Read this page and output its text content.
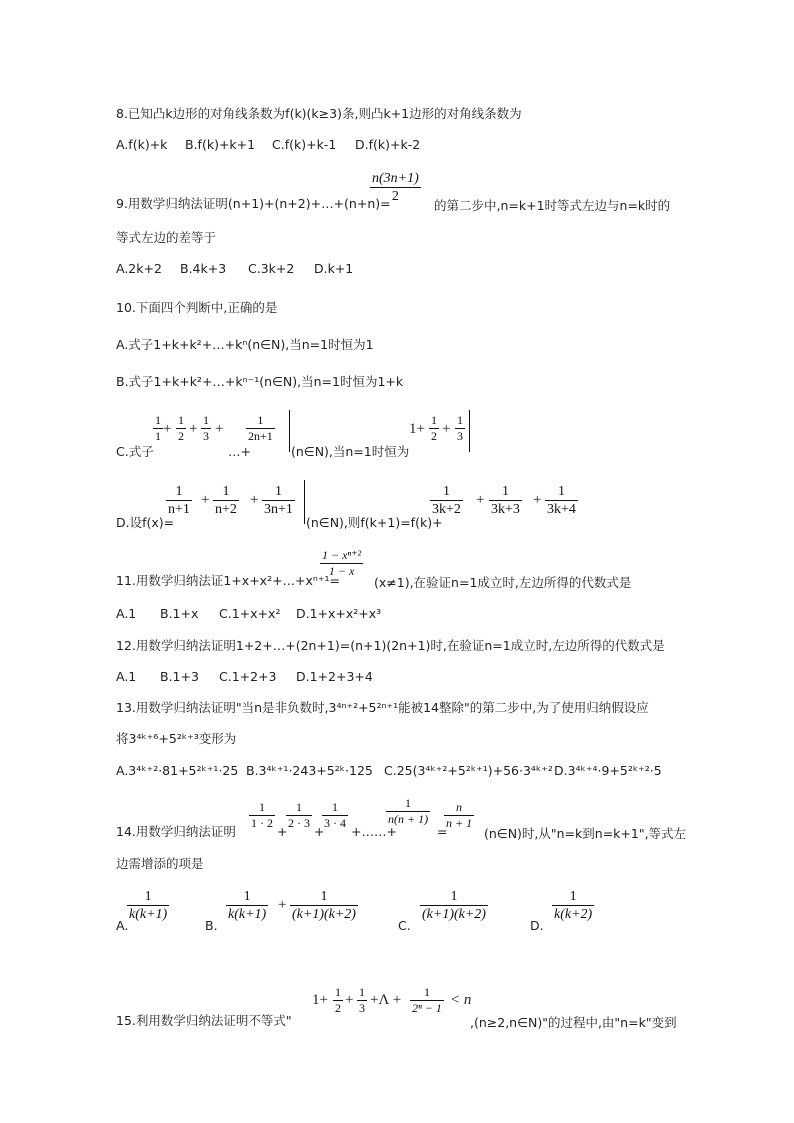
8.已知凸k边形的对角线条数为f(k)(k≥3)条,则凸k+1边形的对角线条数为
A.f(k)+k B.f(k)+k+1 C.f(k)+k-1 D.f(k)+k-2
9.用数学归纳法证明(n+1)+(n+2)+…+(n+n)=
n(3n+1)
2
的第二步中,n=k+1时等式左边与n=k时的
等式左边的差等于
A.2k+2 B.4k+3 C.3k+2 D.k+1
10.下面四个判断中,正确的是
A.式子1+k+k²+…+kⁿ(n∈N),当n=1时恒为1
B.式子1+k+k²+…+kⁿ⁻¹(n∈N),当n=1时恒为1+k
C.式子
1
1 +
1
2 +
1
3 +
…+
1
2n+1
(n∈N),当n=1时恒为
1+
1
2 +
1
3
D.设f(x)=
1
n+1
+
1
n+2
+
1
3n+1
(n∈N),则f(k+1)=f(k)+
1
3k+2
+
1
3k+3
+
1
3k+4
11.用数学归纳法证1+x+x²+…+xⁿ⁺¹=
1 − xⁿ⁺²
1 − x
(x≠1),在验证n=1成立时,左边所得的代数式是
A.1 B.1+x C.1+x+x² D.1+x+x²+x³
12.用数学归纳法证明1+2+…+(2n+1)=(n+1)(2n+1)时,在验证n=1成立时,左边所得的代数式是
A.1 B.1+3 C.1+2+3 D.1+2+3+4
13.用数学归纳法证明"当n是非负数时,3⁴ⁿ⁺²+5²ⁿ⁺¹能被14整除"的第二步中,为了使用归纳假设应
将3⁴ᵏ⁺⁶+5²ᵏ⁺³变形为
A.3⁴ᵏ⁺²·81+5²ᵏ⁺¹·25 B.3⁴ᵏ⁺¹·243+5²ᵏ·125 C.25(3⁴ᵏ⁺²+5²ᵏ⁺¹)+56·3⁴ᵏ⁺² D.3⁴ᵏ⁺⁴·9+5²ᵏ⁺²·5
14.用数学归纳法证明
1
1 · 2
+
1
2 · 3
+
1
3 · 4
+……+
1
n(n + 1)
=
n
n + 1
(n∈N)时,从"n=k到n=k+1",等式左
边需增添的项是
A.
1
k(k+1)
B.
1
k(k+1)
+
1
(k+1)(k+2)
C.
1
(k+1)(k+2)
D.
1
k(k+2)
15.利用数学归纳法证明不等式"
1+ 1
2 + 1
3 +Λ + 1
2ⁿ − 1 < n
,(n≥2,n∈N)"的过程中,由"n=k"变到
